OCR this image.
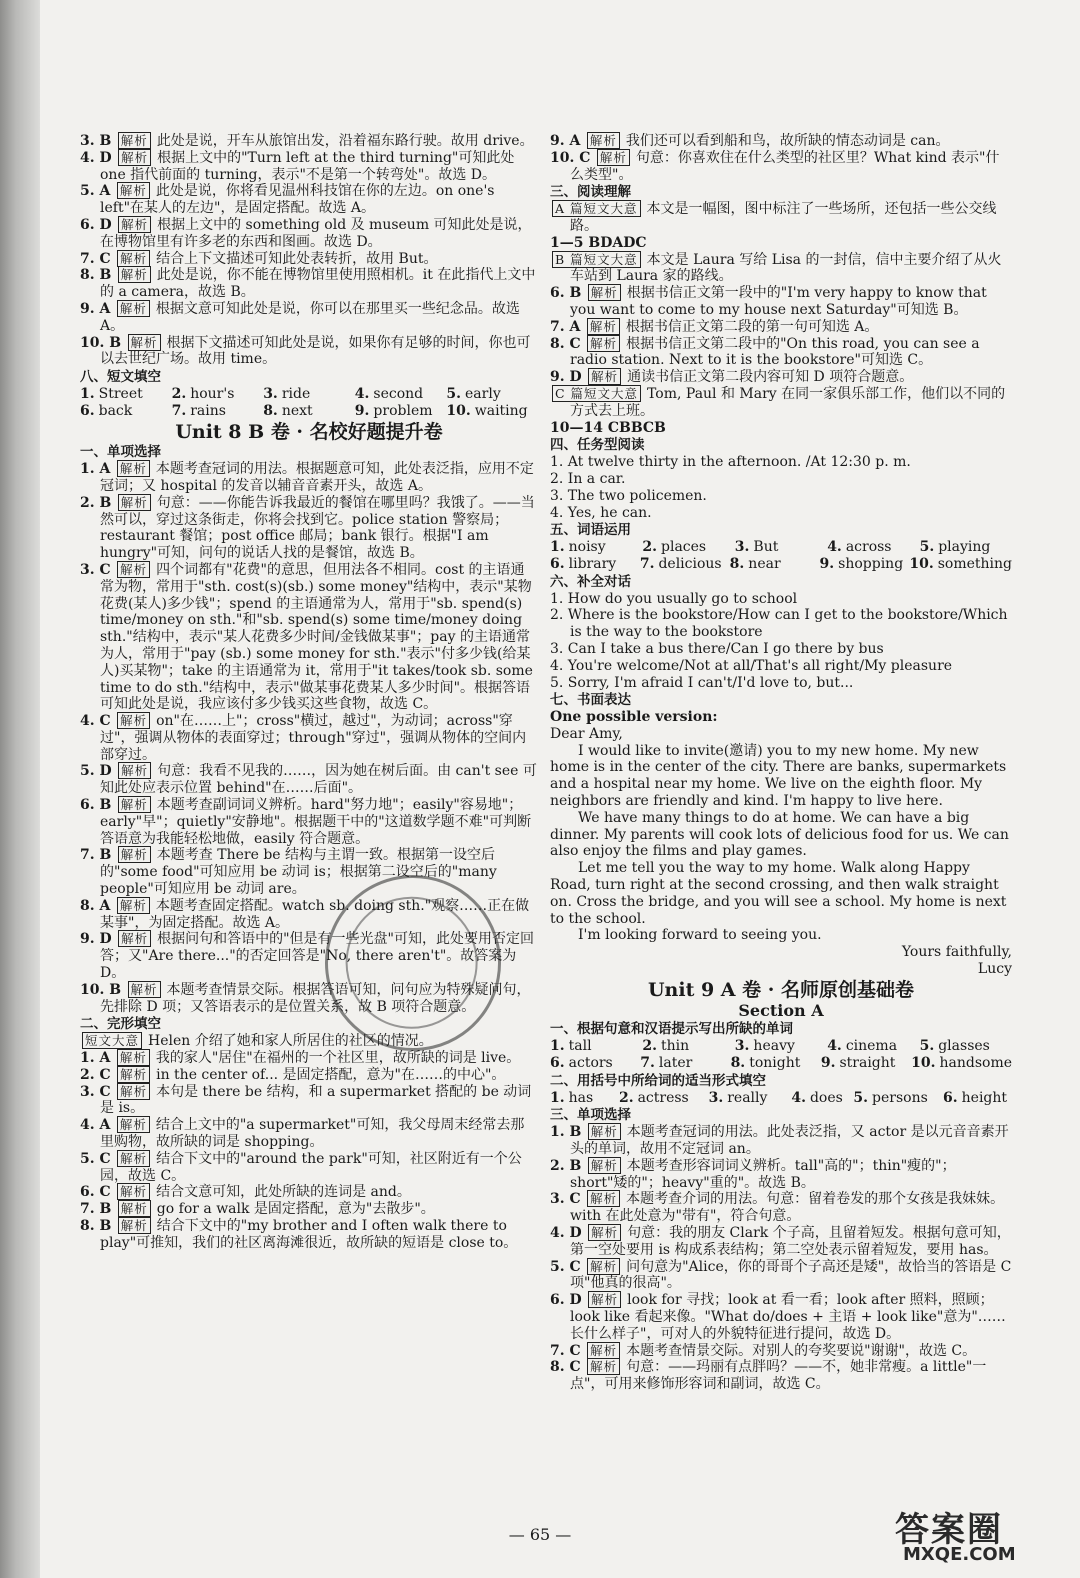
3. B 解析 此处是说，开车从旅馆出发，沿着福东路行驶。故用 drive。

4. D 解析 根据上文中的"Turn left at the third turning"可知此处 one 指代前面的 turning，表示"不是第一个转弯处"。故选 D。

5. A 解析 此处是说，你将看见温州科技馆在你的左边。on one's left"在某人的左边"，是固定搭配。故选 A。

6. D 解析 根据上文中的 something old 及 museum 可知此处是说，在博物馆里有许多老的东西和图画。故选 D。

7. C 解析 结合上下文描述可知此处表转折，故用 But。

8. B 解析 此处是说，你不能在博物馆里使用照相机。it 在此指代上文中的 a camera，故选 B。

9. A 解析 根据文意可知此处是说，你可以在那里买一些纪念品。故选 A。

10. B 解析 根据下文描述可知此处是说，如果你有足够的时间，你也可以去世纪广场。故用 time。

八、短文填空

1. Street	2. hour's	3. ride	4. second	5. early
6. back	7. rains	8. next	9. problem 10. waiting
Unit 8 B 卷 · 名校好题提升卷

一、单项选择

1. A 解析 本题考查冠词的用法。根据题意可知，此处表泛指，应用不定冠词；又 hospital 的发音以辅音音素开头，故选 A。

2. B 解析 句意：——你能告诉我最近的餐馆在哪里吗？我饿了。——当然可以，穿过这条街走，你将会找到它。police station 警察局；restaurant 餐馆；post office 邮局；bank 银行。根据"I am hungry"可知，问句的说话人找的是餐馆，故选 B。

3. C 解析 四个词都有"花费"的意思，但用法各不相同。cost 的主语通常为物，常用于"sth. cost(s)(sb.) some money"结构中，表示"某物花费(某人)多少钱"；spend 的主语通常为人，常用于"sb. spend(s) time/money on sth."和"sb. spend(s) some time/money doing sth."结构中，表示"某人花费多少时间/金钱做某事"；pay 的主语通常为人，常用于"pay (sb.) some money for sth."表示"付多少钱(给某人)买某物"；take 的主语通常为 it，常用于"it takes/took sb. some time to do sth."结构中，表示"做某事花费某人多少时间"。根据答语可知此处是说，我应该付多少钱买这些食物，故选 C。

4. C 解析 on"在……上"；cross"横过，越过"，为动词；across"穿过"，强调从物体的表面穿过；through"穿过"，强调从物体的空间内部穿过。

5. D 解析 句意：我看不见我的……，因为她在树后面。由 can't see 可知此处应表示位置 behind"在……后面"。

6. B 解析 本题考查副词词义辨析。hard"努力地"；easily"容易地"；early"早"；quietly"安静地"。根据题干中的"这道数学题不难"可判断答语意为我能轻松地做，easily 符合题意。

7. B 解析 本题考查 There be 结构与主谓一致。根据第一设空后的"some food"可知应用 be 动词 is；根据第二设空后的"many people"可知应用 be 动词 are。

8. A 解析 本题考查固定搭配。watch sb. doing sth."观察……正在做某事"，为固定搭配。故选 A。

9. D 解析 根据问句和答语中的"但是有一些光盘"可知，此处要用否定回答；又"Are there..."的否定回答是"No, there aren't"。故答案为 D。

10. B 解析 本题考查情景交际。根据答语可知，问句应为特殊疑问句，先排除 D 项；又答语表示的是位置关系，故 B 项符合题意。

二、完形填空

短文大意 Helen 介绍了她和家人所居住的社区的情况。

1. A 解析 我的家人"居住"在福州的一个社区里，故所缺的词是 live。

2. C 解析 in the center of... 是固定搭配，意为"在……的中心"。

3. C 解析 本句是 there be 结构，和 a supermarket 搭配的 be 动词是 is。

4. A 解析 结合上文中的"a supermarket"可知，我父母周末经常去那里购物，故所缺的词是 shopping。

5. C 解析 结合下文中的"around the park"可知，社区附近有一个公园，故选 C。

6. C 解析 结合文意可知，此处所缺的连词是 and。

7. B 解析 go for a walk 是固定搭配，意为"去散步"。

8. B 解析 结合下文中的"my brother and I often walk there to play"可推知，我们的社区离海滩很近，故所缺的短语是 close to。

9. A 解析 我们还可以看到船和鸟，故所缺的情态动词是 can。

10. C 解析 句意：你喜欢住在什么类型的社区里？What kind 表示"什么类型"。

三、阅读理解

A 篇短文大意 本文是一幅图，图中标注了一些场所，还包括一些公交线路。

1—5 BDADC

B 篇短文大意 本文是 Laura 写给 Lisa 的一封信，信中主要介绍了从火车站到 Laura 家的路线。

6. B 解析 根据书信正文第一段中的"I'm very happy to know that you want to come to my house next Saturday"可知选 B。

7. A 解析 根据书信正文第二段的第一句可知选 A。

8. C 解析 根据书信正文第二段中的"On this road, you can see a radio station. Next to it is the bookstore"可知选 C。

9. D 解析 通读书信正文第二段内容可知 D 项符合题意。

C 篇短文大意 Tom, Paul 和 Mary 在同一家俱乐部工作，他们以不同的方式去上班。

10—14 CBBCB

四、任务型阅读

1. At twelve thirty in the afternoon. /At 12:30 p. m.

2. In a car.

3. The two policemen.

4. Yes, he can.

五、词语运用

1. noisy	2. places	3. But	4. across	5. playing
6. library	7. delicious 8. near	9. shopping 10. something

六、补全对话

1. How do you usually go to school

2. Where is the bookstore/How can I get to the bookstore/Which is the way to the bookstore

3. Can I take a bus there/Can I go there by bus

4. You're welcome/Not at all/That's all right/My pleasure

5. Sorry, I'm afraid I can't/I'd love to, but...

七、书面表达

One possible version:

Dear Amy,

I would like to invite(邀请) you to my new home. My new home is in the center of the city. There are banks, supermarkets and a hospital near my home. We live on the eighth floor. My neighbors are friendly and kind. I'm happy to live here.

We have many things to do at home. We can have a big dinner. My parents will cook lots of delicious food for us. We can also enjoy the films and play games.

Let me tell you the way to my home. Walk along Happy Road, turn right at the second crossing, and then walk straight on. Cross the bridge, and you will see a school. My home is next to the school.

I'm looking forward to seeing you.

Yours faithfully,

Lucy

Unit 9 A 卷 · 名师原创基础卷
Section A

一、根据句意和汉语提示写出所缺的单词

1. tall	2. thin	3. heavy	4. cinema	5. glasses
6. actors	7. later	8. tonight	9. straight	10. handsome

二、用括号中所给词的适当形式填空

1. has	2. actress	3. really	4. does 5. persons	6. height

三、单项选择

1. B 解析 本题考查冠词的用法。此处表泛指，又 actor 是以元音音素开头的单词，故用不定冠词 an。

2. B 解析 本题考查形容词词义辨析。tall"高的"；thin"瘦的"；short"矮的"；heavy"重的"。故选 B。

3. C 解析 本题考查介词的用法。句意：留着卷发的那个女孩是我妹妹。with 在此处意为"带有"，符合句意。

4. D 解析 句意：我的朋友 Clark 个子高，且留着短发。根据句意可知，第一空处要用 is 构成系表结构；第二空处表示留着短发，要用 has。

5. C 解析 问句意为"Alice，你的哥哥个子高还是矮"，故恰当的答语是 C 项"他真的很高"。

6. D 解析 look for 寻找；look at 看一看；look after 照料，照顾；look like 看起来像。"What do/does + 主语 + look like"意为"……长什么样子"，可对人的外貌特征进行提问，故选 D。

7. C 解析 本题考查情景交际。对别人的夸奖要说"谢谢"，故选 C。

8. C 解析 句意：——玛丽有点胖吗？——不，她非常瘦。a little"一点"，可用来修饰形容词和副词，故选 C。

— 65 —	答案圈
MXQE.COM
